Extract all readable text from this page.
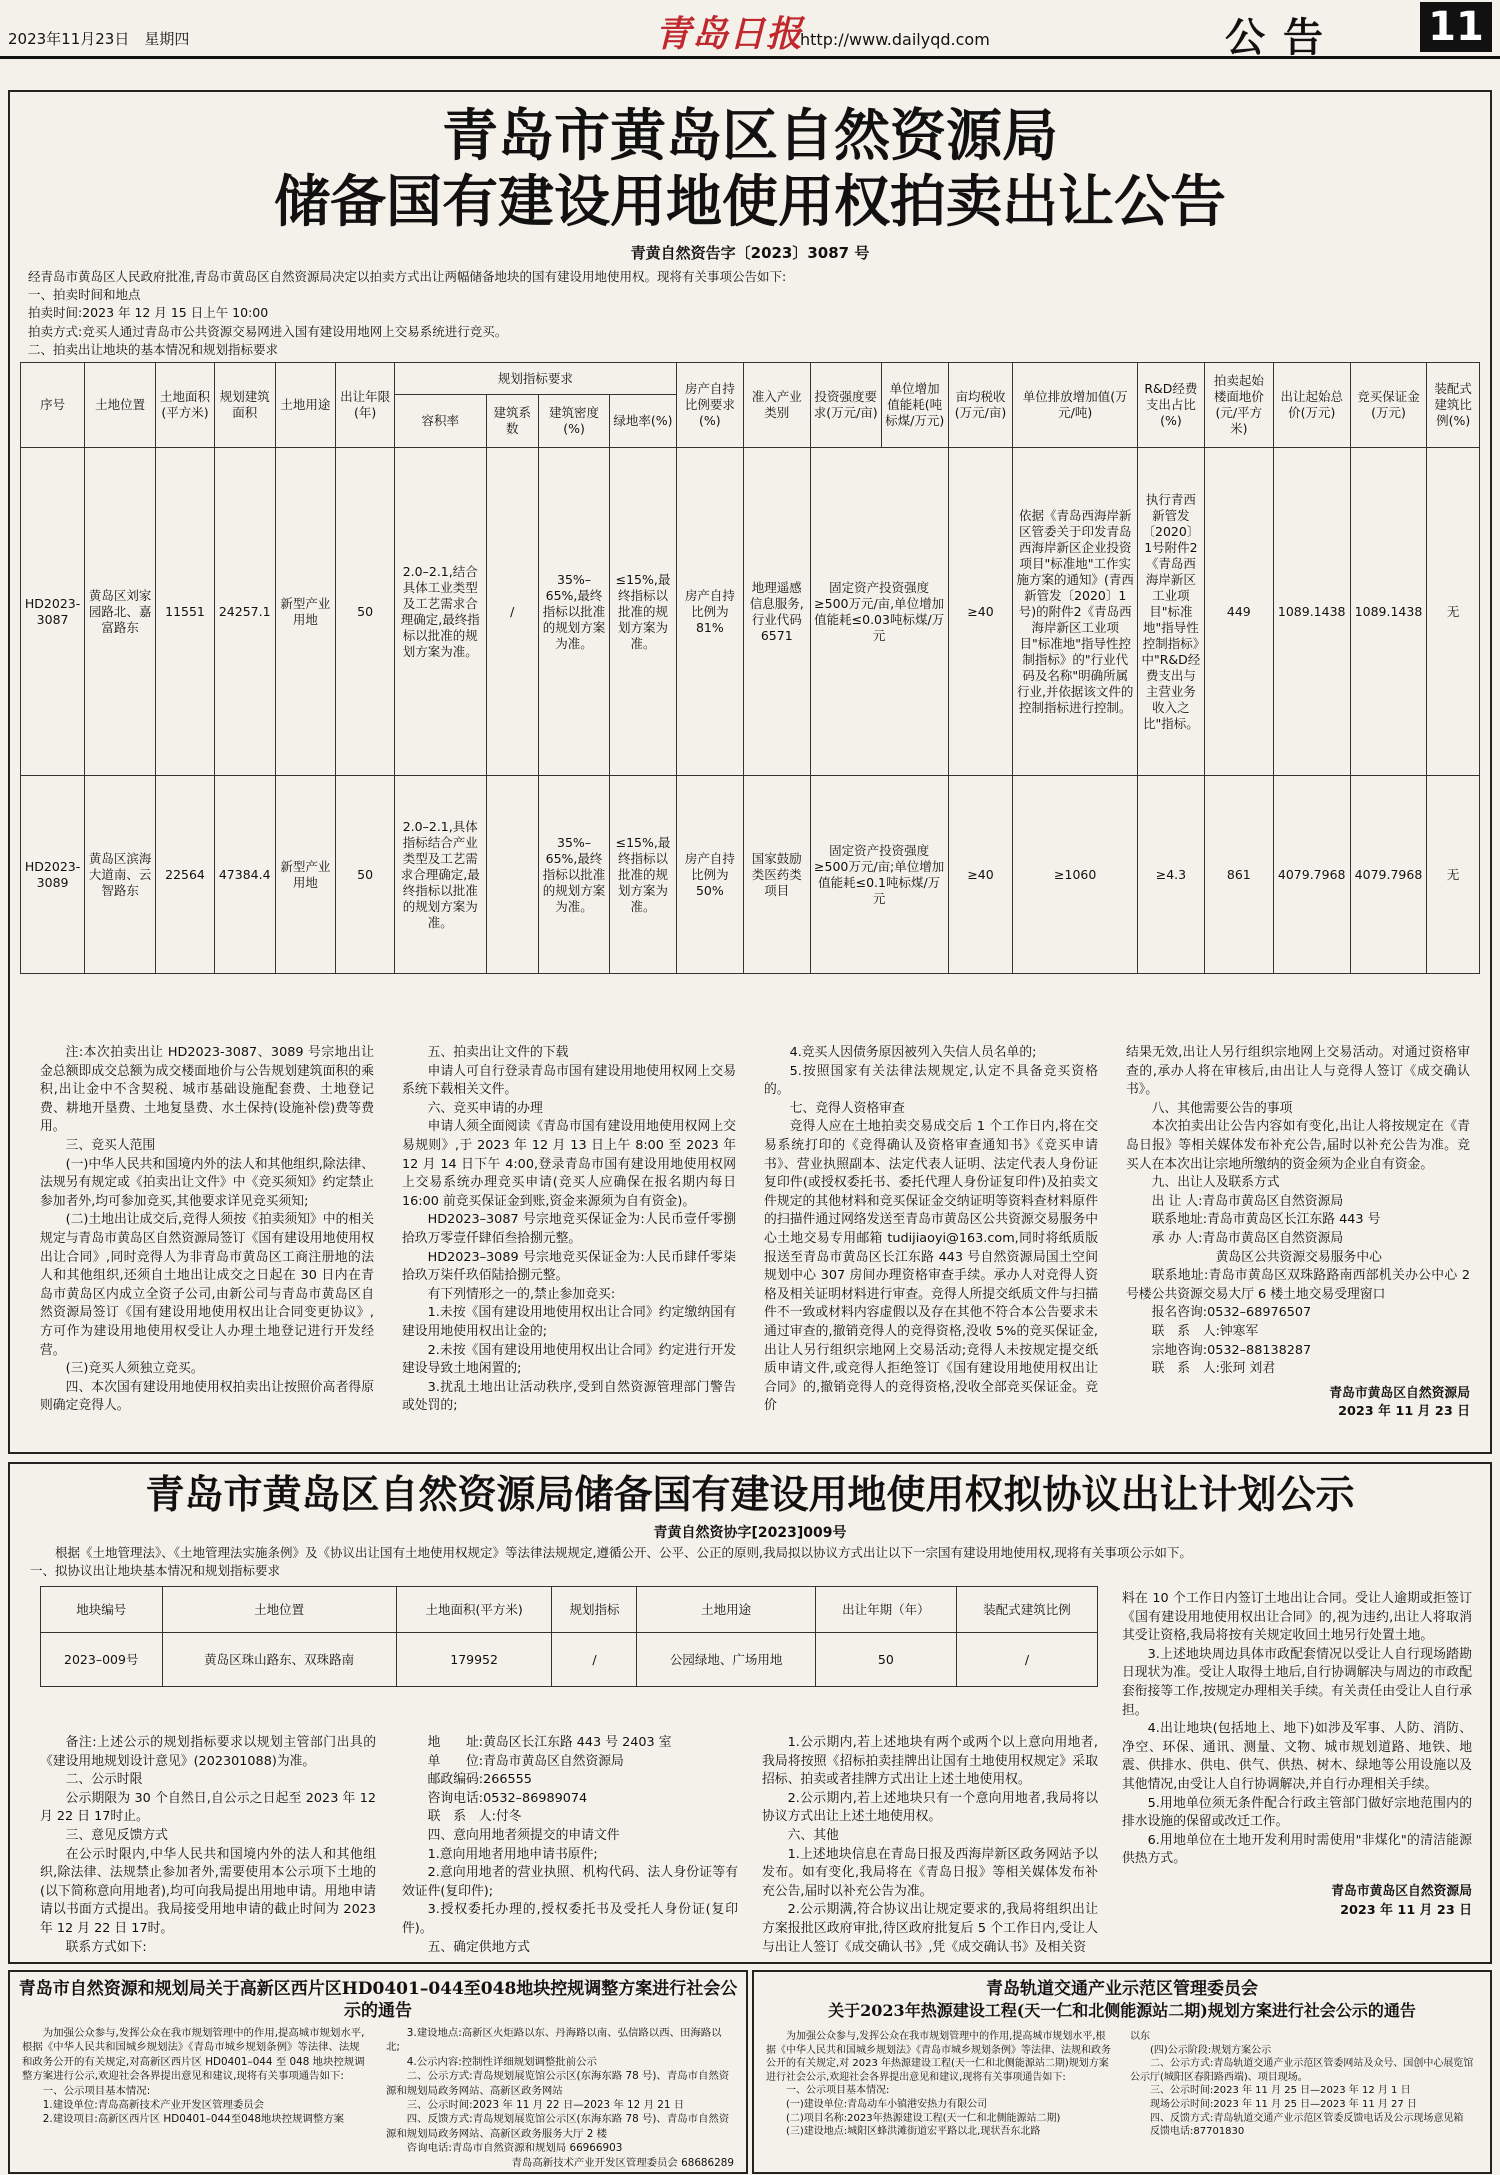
2023年11月23日　星期四	青岛日报
http://www.dailyqd.com	公告 11
青岛市黄岛区自然资源局
储备国有建设用地使用权拍卖出让公告
青黄自然资告字〔2023〕3087 号
经青岛市黄岛区人民政府批准,青岛市黄岛区自然资源局决定以拍卖方式出让两幅储备地块的国有建设用地使用权。现将有关事项公告如下:
一、拍卖时间和地点
拍卖时间:2023 年 12 月 15 日上午 10:00
拍卖方式:竞买人通过青岛市公共资源交易网进入国有建设用地网上交易系统进行竞买。
二、拍卖出让地块的基本情况和规划指标要求
序号	土地位置	土地面积(平方米)	规划建筑面积	土地用途	出让年限(年)	规划指标要求				房产自持比例要求(%)	准入产业类别	投资强度要求(万元/亩)	单位增加值能耗(吨标煤/万元)	亩均税收(万元/亩)	单位排放增加值(万元/吨)	R&D经费支出占比(%)	拍卖起始楼面地价(元/平方米)	出让起始总价(万元)	竞买保证金(万元)	装配式建筑比例(%)
						容积率	建筑系数	建筑密度(%)	绿地率(%)											
HD2023-3087	黄岛区刘家园路北、嘉富路东	11551	24257.1	新型产业用地	50	2.0–2.1,结合具体工业类型及工艺需求合理确定,最终指标以批准的规划方案为准。	/	35%–65%,最终指标以批准的规划方案为准。	≤15%,最终指标以批准的规划方案为准。	房产自持比例为81%	地理遥感信息服务,行业代码6571	固定资产投资强度≥500万元/亩,单位增加值能耗≤0.03吨标煤/万元		≥40	依据《青岛西海岸新区管委关于印发青岛西海岸新区企业投资项目"标准地"工作实施方案的通知》(青西新管发〔2020〕1号)的附件2《青岛西海岸新区工业项目"标准地"指导性控制指标》的"行业代码及名称"明确所属行业,并依据该文件的控制指标进行控制。	执行青西新管发〔2020〕1号附件2《青岛西海岸新区工业项目"标准地"指导性控制指标》中"R&D经费支出与主营业务收入之比"指标。	449	1089.1438	1089.1438	无
HD2023-3089	黄岛区滨海大道南、云智路东	22564	47384.4	新型产业用地	50	2.0–2.1,具体指标结合产业类型及工艺需求合理确定,最终指标以批准的规划方案为准。		35%–65%,最终指标以批准的规划方案为准。	≤15%,最终指标以批准的规划方案为准。	房产自持比例为50%	国家鼓励类医药类项目	固定资产投资强度≥500万元/亩;单位增加值能耗≤0.1吨标煤/万元		≥40	≥1060	≥4.3	861	4079.7968	4079.7968	无
注:本次拍卖出让 HD2023-3087、3089 号宗地出让金总额即成交总额为成交楼面地价与公告规划建筑面积的乘积,出让金中不含契税、城市基础设施配套费、土地登记费、耕地开垦费、土地复垦费、水土保持(设施补偿)费等费用。
三、竞买人范围
(一)中华人民共和国境内外的法人和其他组织,除法律、法规另有规定或《拍卖出让文件》中《竞买须知》约定禁止参加者外,均可参加竞买,其他要求详见竞买须知;
(二)土地出让成交后,竞得人须按《拍卖须知》中的相关规定与青岛市黄岛区自然资源局签订《国有建设用地使用权出让合同》,同时竞得人为非青岛市黄岛区工商注册地的法人和其他组织,还须自土地出让成交之日起在 30 日内在青岛市黄岛区内成立全资子公司,由新公司与青岛市黄岛区自然资源局签订《国有建设用地使用权出让合同变更协议》,方可作为建设用地使用权受让人办理土地登记进行开发经营。
(三)竞买人须独立竞买。
四、本次国有建设用地使用权拍卖出让按照价高者得原则确定竞得人。
五、拍卖出让文件的下载
申请人可自行登录青岛市国有建设用地使用权网上交易系统下载相关文件。
六、竞买申请的办理
申请人须全面阅读《青岛市国有建设用地使用权网上交易规则》,于 2023 年 12 月 13 日上午 8:00 至 2023 年 12 月 14 日下午 4:00,登录青岛市国有建设用地使用权网上交易系统办理竞买申请(竞买人应确保在报名期内每日 16:00 前竞买保证金到账,资金来源须为自有资金)。
HD2023–3087 号宗地竞买保证金为:人民币壹仟零捌拾玖万零壹仟肆佰叁拾捌元整。
HD2023–3089 号宗地竞买保证金为:人民币肆仟零柒拾玖万柒仟玖佰陆拾捌元整。
有下列情形之一的,禁止参加竞买:
1.未按《国有建设用地使用权出让合同》约定缴纳国有建设用地使用权出让金的;
2.未按《国有建设用地使用权出让合同》约定进行开发建设导致土地闲置的;
3.扰乱土地出让活动秩序,受到自然资源管理部门警告或处罚的;
4.竞买人因债务原因被列入失信人员名单的;
5.按照国家有关法律法规规定,认定不具备竞买资格的。
七、竞得人资格审查
竞得人应在土地拍卖交易成交后 1 个工作日内,将在交易系统打印的《竞得确认及资格审查通知书》《竞买申请书》、营业执照副本、法定代表人证明、法定代表人身份证复印件(或授权委托书、委托代理人身份证复印件)及拍卖文件规定的其他材料和竞买保证金交纳证明等资料查材料原件的扫描件通过网络发送至青岛市黄岛区公共资源交易服务中心土地交易专用邮箱 tudijiaoyi@163.com,同时将纸质版报送至青岛市黄岛区长江东路 443 号自然资源局国土空间规划中心 307 房间办理资格审查手续。承办人对竞得人资格及相关证明材料进行审查。竞得人所提交纸质文件与扫描件不一致或材料内容虚假以及存在其他不符合本公告要求未通过审查的,撤销竞得人的竞得资格,没收 5%的竞买保证金,出让人另行组织宗地网上交易活动;竞得人未按规定提交纸质申请文件,或竞得人拒绝签订《国有建设用地使用权出让合同》的,撤销竞得人的竞得资格,没收全部竞买保证金。竞价
结果无效,出让人另行组织宗地网上交易活动。对通过资格审查的,承办人将在审核后,由出让人与竞得人签订《成交确认书》。
八、其他需要公告的事项
本次拍卖出让公告内容如有变化,出让人将按规定在《青岛日报》等相关媒体发布补充公告,届时以补充公告为准。竞买人在本次出让宗地所缴纳的资金须为企业自有资金。
九、出让人及联系方式
出 让 人:青岛市黄岛区自然资源局
联系地址:青岛市黄岛区长江东路 443 号
承 办 人:青岛市黄岛区自然资源局
　　　　　黄岛区公共资源交易服务中心
联系地址:青岛市黄岛区双珠路路南西部机关办公中心 2 号楼公共资源交易大厅 6 楼土地交易受理窗口
报名咨询:0532–68976507
联　系　人:钟寒军
宗地咨询:0532–88138287
联　系　人:张珂 刘君
青岛市黄岛区自然资源局
2023 年 11 月 23 日
青岛市黄岛区自然资源局储备国有建设用地使用权拟协议出让计划公示
青黄自然资协字[2023]009号
根据《土地管理法》、《土地管理法实施条例》及《协议出让国有土地使用权规定》等法律法规规定,遵循公开、公平、公正的原则,我局拟以协议方式出让以下一宗国有建设用地使用权,现将有关事项公示如下。
一、拟协议出让地块基本情况和规划指标要求
地块编号	土地位置	土地面积(平方米)	规划指标	土地用途	出让年期（年）	装配式建筑比例
2023–009号	黄岛区珠山路东、双珠路南	179952	/	公园绿地、广场用地	50	/
料在 10 个工作日内签订土地出让合同。受让人逾期或拒签订《国有建设用地使用权出让合同》的,视为违约,出让人将取消其受让资格,我局将按有关规定收回土地另行处置土地。
3.上述地块周边具体市政配套情况以受让人自行现场踏勘日现状为准。受让人取得土地后,自行协调解决与周边的市政配套衔接等工作,按规定办理相关手续。有关责任由受让人自行承担。
4.出让地块(包括地上、地下)如涉及军事、人防、消防、净空、环保、通讯、测量、文物、城市规划道路、地铁、地震、供排水、供电、供气、供热、树木、绿地等公用设施以及其他情况,由受让人自行协调解决,并自行办理相关手续。
5.用地单位须无条件配合行政主管部门做好宗地范围内的排水设施的保留或改迁工作。
6.用地单位在土地开发利用时需使用"非煤化"的清洁能源供热方式。
青岛市黄岛区自然资源局
2023 年 11 月 23 日
备注:上述公示的规划指标要求以规划主管部门出具的《建设用地规划设计意见》(202301088)为准。
二、公示时限
公示期限为 30 个自然日,自公示之日起至 2023 年 12 月 22 日 17时止。
三、意见反馈方式
在公示时限内,中华人民共和国境内外的法人和其他组织,除法律、法规禁止参加者外,需要使用本公示项下土地的(以下简称意向用地者),均可向我局提出用地申请。用地申请请以书面方式提出。我局接受用地申请的截止时间为 2023 年 12 月 22 日 17时。
联系方式如下:
地　　址:黄岛区长江东路 443 号 2403 室
单　　位:青岛市黄岛区自然资源局
邮政编码:266555
咨询电话:0532–86989074
联　系　人:付冬
四、意向用地者须提交的申请文件
1.意向用地者用地申请书原件;
2.意向用地者的营业执照、机构代码、法人身份证等有效证件(复印件);
3.授权委托办理的,授权委托书及受托人身份证(复印件)。
五、确定供地方式
1.公示期内,若上述地块有两个或两个以上意向用地者,我局将按照《招标拍卖挂牌出让国有土地使用权规定》采取招标、拍卖或者挂牌方式出让上述土地使用权。
2.公示期内,若上述地块只有一个意向用地者,我局将以协议方式出让上述土地使用权。
六、其他
1.上述地块信息在青岛日报及西海岸新区政务网站予以发布。如有变化,我局将在《青岛日报》等相关媒体发布补充公告,届时以补充公告为准。
2.公示期满,符合协议出让规定要求的,我局将组织出让方案报批区政府审批,待区政府批复后 5 个工作日内,受让人与出让人签订《成交确认书》,凭《成交确认书》及相关资
青岛市自然资源和规划局关于高新区西片区HD0401–044至048地块控规调整方案进行社会公示的通告
为加强公众参与,发挥公众在我市规划管理中的作用,提高城市规划水平,根据《中华人民共和国城乡规划法》《青岛市城乡规划条例》等法律、法规和政务公开的有关规定,对高新区西片区 HD0401–044 至 048 地块控规调整方案进行公示,欢迎社会各界提出意见和建议,现将有关事项通告如下:
一、公示项目基本情况:
1.建设单位:青岛高新技术产业开发区管理委员会
2.建设项目:高新区西片区 HD0401–044至048地块控规调整方案
3.建设地点:高新区火炬路以东、丹海路以南、弘信路以西、田海路以北;
4.公示内容:控制性详细规划调整批前公示
二、公示方式:青岛规划展览馆公示区(东海东路 78 号)、青岛市自然资源和规划局政务网站、高新区政务网站
三、公示时间:2023 年 11 月 22 日—2023 年 12 月 21 日
四、反馈方式:青岛规划展览馆公示区(东海东路 78 号)、青岛市自然资源和规划局政务网站、高新区政务服务大厅 2 楼
咨询电话:青岛市自然资源和规划局 66966903
青岛高新技术产业开发区管理委员会 68686289
青岛轨道交通产业示范区管理委员会
关于2023年热源建设工程(天一仁和北侧能源站二期)规划方案进行社会公示的通告
为加强公众参与,发挥公众在我市规划管理中的作用,提高城市规划水平,根据《中华人民共和国城乡规划法》《青岛市城乡规划条例》等法律、法规和政务公开的有关规定,对 2023 年热源建设工程(天一仁和北侧能源站二期)规划方案进行社会公示,欢迎社会各界提出意见和建议,现将有关事项通告如下:
一、公示项目基本情况:
(一)建设单位:青岛动车小镇港安热力有限公司
(二)项目名称:2023年热源建设工程(天一仁和北侧能源站二期)
(三)建设地点:城阳区蜂洪滩街道宏平路以北,现状吾东北路
以东
(四)公示阶段:规划方案公示
二、公示方式:青岛轨道交通产业示范区管委网站及众号、国创中心展览馆公示厅(城阳区春阳路西端)、项目现场。
三、公示时间:2023 年 11 月 25 日—2023 年 12 月 1 日
现场公示时间:2023 年 11 月 25 日—2023 年 11 月 27 日
四、反馈方式:青岛轨道交通产业示范区管委反馈电话及公示现场意见箱
反馈电话:87701830
